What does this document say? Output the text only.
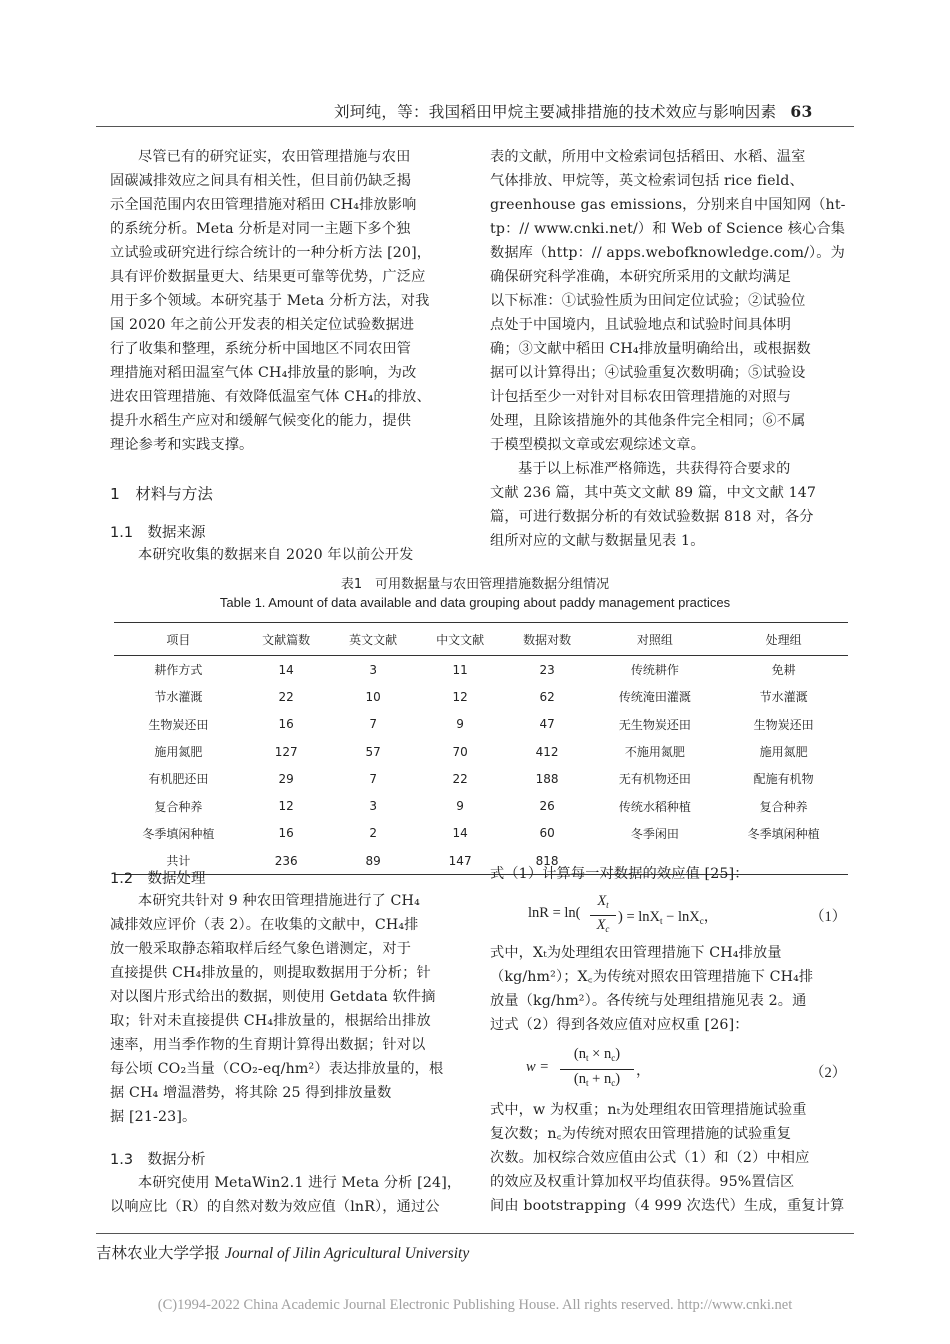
刘珂纯，等：我国稻田甲烷主要减排措施的技术效应与影响因素 63
尽管已有的研究证实，农田管理措施与农田
固碳减排效应之间具有相关性，但目前仍缺乏揭
示全国范围内农田管理措施对稻田 CH₄排放影响
的系统分析。Meta 分析是对同一主题下多个独
立试验或研究进行综合统计的一种分析方法 [20]，
具有评价数据量更大、结果更可靠等优势，广泛应
用于多个领域。本研究基于 Meta 分析方法，对我
国 2020 年之前公开发表的相关定位试验数据进
行了收集和整理，系统分析中国地区不同农田管
理措施对稻田温室气体 CH₄排放量的影响，为改
进农田管理措施、有效降低温室气体 CH₄的排放、
提升水稻生产应对和缓解气候变化的能力，提供
理论参考和实践支撑。
1　材料与方法
1.1　数据来源
本研究收集的数据来自 2020 年以前公开发
表的文献，所用中文检索词包括稻田、水稻、温室
气体排放、甲烷等，英文检索词包括 rice field、
greenhouse gas emissions，分别来自中国知网（ht-
tp：// www.cnki.net/）和 Web of Science 核心合集
数据库（http：// apps.webofknowledge.com/）。为
确保研究科学准确，本研究所采用的文献均满足
以下标准：①试验性质为田间定位试验；②试验位
点处于中国境内，且试验地点和试验时间具体明
确；③文献中稻田 CH₄排放量明确给出，或根据数
据可以计算得出；④试验重复次数明确；⑤试验设
计包括至少一对针对目标农田管理措施的对照与
处理，且除该措施外的其他条件完全相同；⑥不属
于模型模拟文章或宏观综述文章。
基于以上标准严格筛选，共获得符合要求的
文献 236 篇，其中英文文献 89 篇，中文文献 147
篇，可进行数据分析的有效试验数据 818 对，各分
组所对应的文献与数据量见表 1。
表1　可用数据量与农田管理措施数据分组情况
Table 1. Amount of data available and data grouping about paddy management practices
项目	文献篇数	英文文献	中文文献	数据对数	对照组	处理组
耕作方式	14	3	11	23	传统耕作	免耕
节水灌溉	22	10	12	62	传统淹田灌溉	节水灌溉
生物炭还田	16	7	9	47	无生物炭还田	生物炭还田
施用氮肥	127	57	70	412	不施用氮肥	施用氮肥
有机肥还田	29	7	22	188	无有机物还田	配施有机物
复合种养	12	3	9	26	传统水稻种植	复合种养
冬季填闲种植	16	2	14	60	冬季闲田	冬季填闲种植
共计	236	89	147	818		
1.2　数据处理
本研究共针对 9 种农田管理措施进行了 CH₄
减排效应评价（表 2）。在收集的文献中，CH₄排
放一般采取静态箱取样后经气象色谱测定，对于
直接提供 CH₄排放量的，则提取数据用于分析；针
对以图片形式给出的数据，则使用 Getdata 软件摘
取；针对未直接提供 CH₄排放量的，根据给出排放
速率，用当季作物的生育期计算得出数据；针对以
每公顷 CO₂当量（CO₂-eq/hm²）表达排放量的，根
据 CH₄ 增温潜势，将其除 25 得到排放量数
据 [21-23]。
1.3　数据分析
本研究使用 MetaWin2.1 进行 Meta 分析 [24]，
以响应比（R）的自然对数为效应值（lnR），通过公
式（1）计算每一对数据的效应值 [25]：
lnR = ln(
$X_t$
$X_c$
) = lnX$_t$ − lnX$_c$，	（1）
式中，Xₜ为处理组农田管理措施下 CH₄排放量
（kg/hm²）；X꜀为传统对照农田管理措施下 CH₄排
放量（kg/hm²）。各传统与处理组措施见表 2。通
过式（2）得到各效应值对应权重 [26]：
w =
$(n_t \times n_c)$
$(n_t + n_c)$	，	（2）
式中，w 为权重；nₜ为处理组农田管理措施试验重
复次数；n꜀为传统对照农田管理措施的试验重复
次数。加权综合效应值由公式（1）和（2）中相应
的效应及权重计算加权平均值获得。95%置信区
间由 bootstrapping（4 999 次迭代）生成，重复计算
吉林农业大学学报 Journal of Jilin Agricultural University
(C)1994-2022 China Academic Journal Electronic Publishing House. All rights reserved. http://www.cnki.net
